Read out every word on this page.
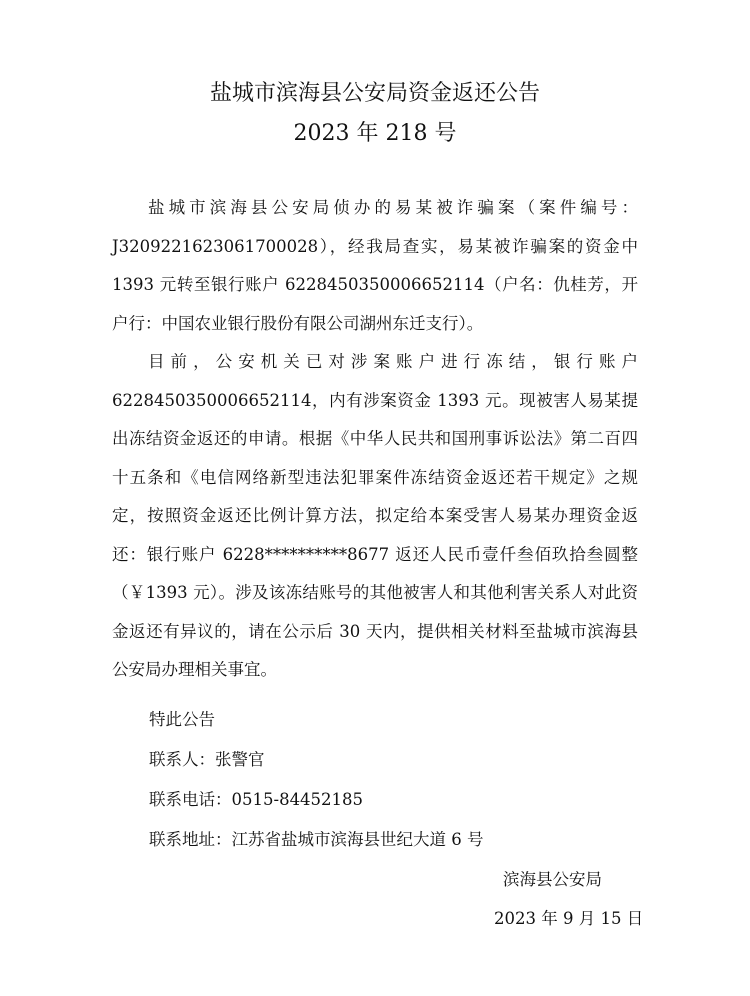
盐城市滨海县公安局资金返还公告
2023 年 218 号

盐城市滨海县公安局侦办的易某被诈骗案（案件编号：J3209221623061700028），经我局查实，易某被诈骗案的资金中 1393 元转至银行账户 6228450350006652114（户名：仇桂芳，开户行：中国农业银行股份有限公司湖州东迁支行）。

目前，公安机关已对涉案账户进行冻结，银行账户 6228450350006652114，内有涉案资金 1393 元。现被害人易某提出冻结资金返还的申请。根据《中华人民共和国刑事诉讼法》第二百四十五条和《电信网络新型违法犯罪案件冻结资金返还若干规定》之规定，按照资金返还比例计算方法，拟定给本案受害人易某办理资金返还：银行账户 6228**********8677 返还人民币壹仟叁佰玖拾叁圆整（￥1393 元）。涉及该冻结账号的其他被害人和其他利害关系人对此资金返还有异议的，请在公示后 30 天内，提供相关材料至盐城市滨海县公安局办理相关事宜。

特此公告
联系人：张警官
联系电话：0515-84452185
联系地址：江苏省盐城市滨海县世纪大道 6 号
滨海县公安局
2023 年 9 月 15 日
